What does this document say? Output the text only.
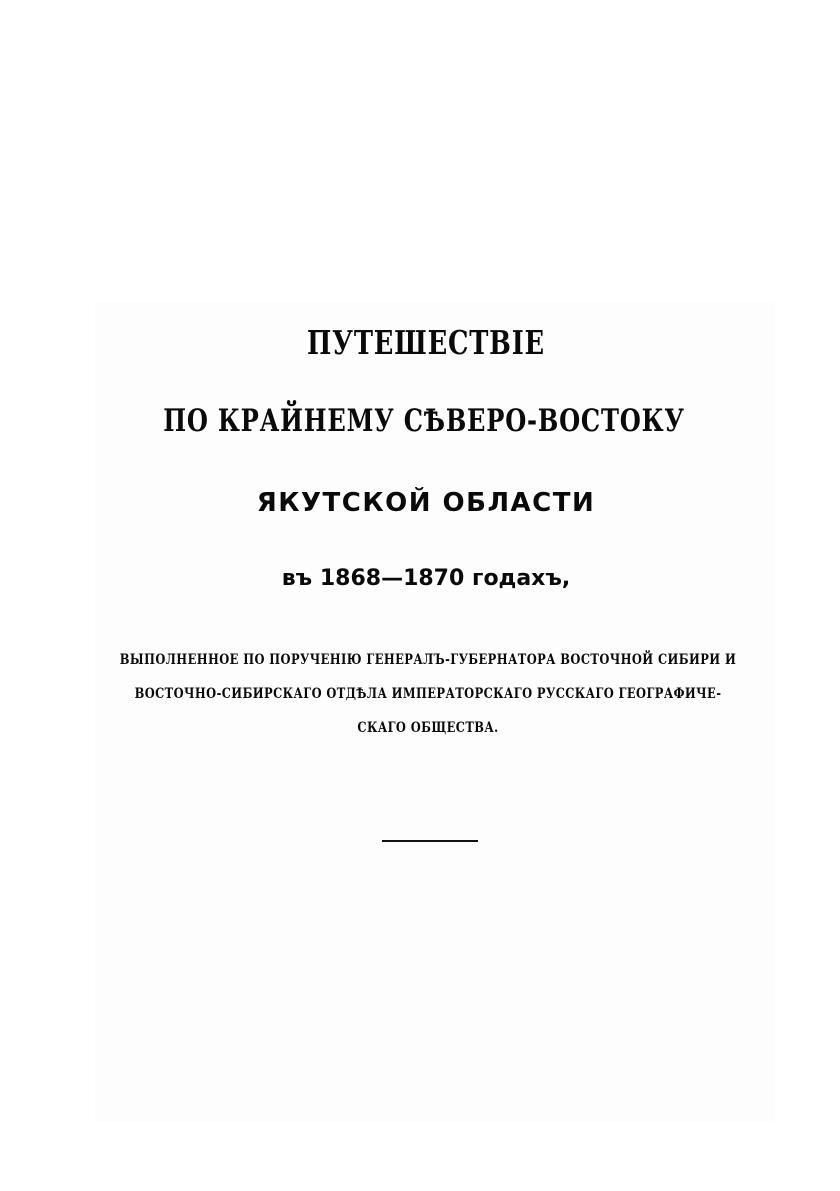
ПУТЕШЕСТВІЕ
ПО КРАЙНЕМУ СѢВЕРО-ВОСТОКУ
ЯКУТСКОЙ ОБЛАСТИ
въ 1868—1870 годахъ,
ВЫПОЛНЕННОЕ ПО ПОРУЧЕНІЮ ГЕНЕРАЛЪ-ГУБЕРНАТОРА ВОСТОЧНОЙ СИБИРИ И
ВОСТОЧНО-СИБИРСКАГО ОТДѢЛА ИМПЕРАТОРСКАГО РУССКАГО ГЕОГРАФИЧЕ-
СКАГО ОБЩЕСТВА.
